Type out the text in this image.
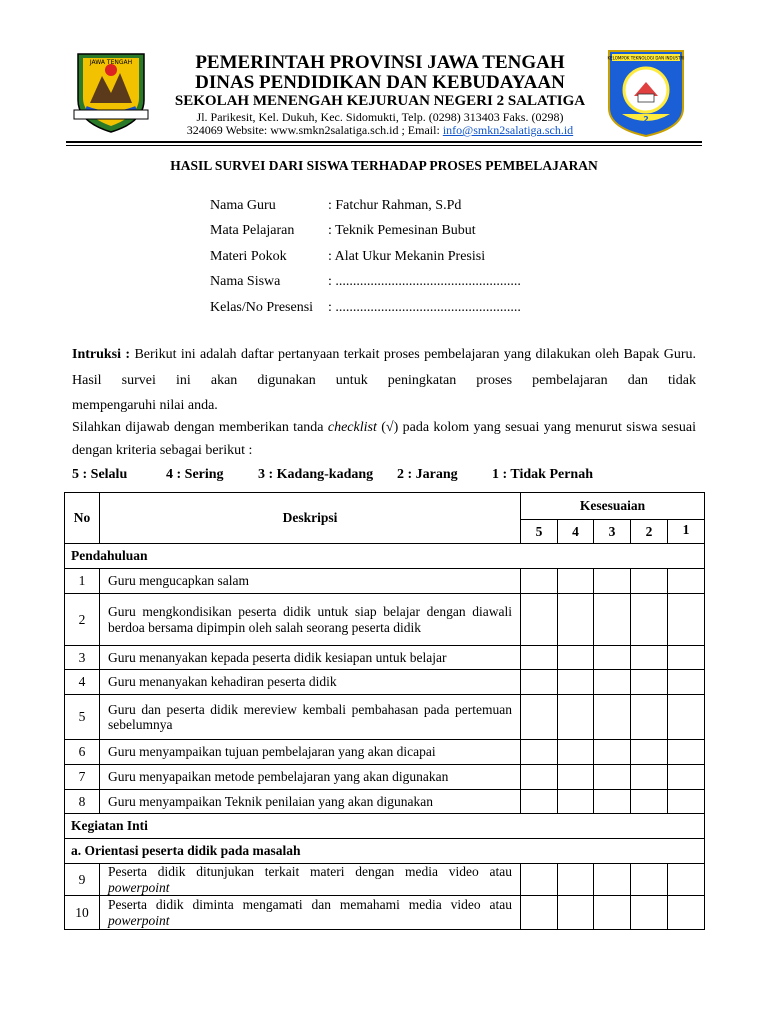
JAWA TENGAH
KELOMPOK TEKNOLOGI DAN INDUSTRI
2
PEMERINTAH PROVINSI JAWA TENGAH
DINAS PENDIDIKAN DAN KEBUDAYAAN
SEKOLAH MENENGAH KEJURUAN NEGERI 2 SALATIGA
Jl. Parikesit, Kel. Dukuh, Kec. Sidomukti, Telp. (0298) 313403 Faks. (0298)
324069 Website: www.smkn2salatiga.sch.id ; Email: info@smkn2salatiga.sch.id
HASIL SURVEI DARI SISWA TERHADAP PROSES PEMBELAJARAN
Nama Guru	: Fatchur Rahman, S.Pd
Mata Pelajaran	: Teknik Pemesinan Bubut
Materi Pokok	: Alat Ukur Mekanin Presisi
Nama Siswa	: .....................................................
Kelas/No Presensi	: .....................................................
Intruksi : Berikut ini adalah daftar pertanyaan terkait proses pembelajaran yang dilakukan oleh Bapak Guru. Hasil survei ini akan digunakan untuk peningkatan proses pembelajaran dan tidak
mempengaruhi nilai anda.
Silahkan dijawab dengan memberikan tanda checklist (√) pada kolom yang sesuai yang menurut siswa sesuai dengan kriteria sebagai berikut :
5 : Selalu	4 : Sering 3 : Kadang-kadang 2 : Jarang 1 : Tidak Pernah
No	Deskripsi	Kesesuaian				
		5	4	3	2	1
Pendahuluan						
1	Guru mengucapkan salam					
2	Guru mengkondisikan peserta didik untuk siap belajar dengan diawali berdoa bersama dipimpin oleh salah seorang peserta didik					
3	Guru menanyakan kepada peserta didik kesiapan untuk belajar					
4	Guru menanyakan kehadiran peserta didik					
5	Guru dan peserta didik mereview kembali pembahasan pada pertemuan sebelumnya					
6	Guru menyampaikan tujuan pembelajaran yang akan dicapai					
7	Guru menyapaikan metode pembelajaran yang akan digunakan					
8	Guru menyampaikan Teknik penilaian yang akan digunakan					
Kegiatan Inti						
a. Orientasi peserta didik pada masalah						
9	Peserta didik ditunjukan terkait materi dengan media video atau powerpoint					
10	Peserta didik diminta mengamati dan memahami media video atau powerpoint					
